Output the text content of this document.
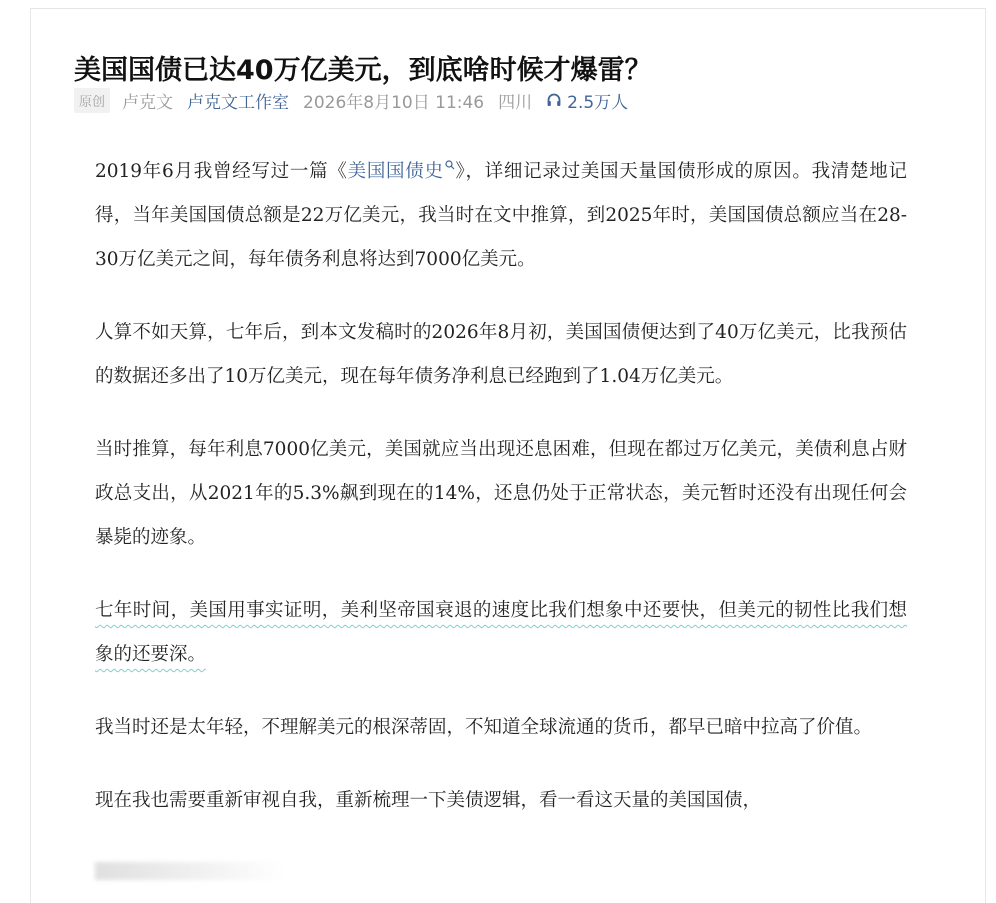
美国国债已达40万亿美元，到底啥时候才爆雷？
原创 卢克文 卢克文工作室 2026年8月10日 11:46 四川 2.5万人

2019年6月我曾经写过一篇《美国国债史 》，详细记录过美国天量国债形成的原因。我清楚地记得，当年美国国债总额是22万亿美元，我当时在文中推算，到2025年时，美国国债总额应当在28-30万亿美元之间，每年债务利息将达到7000亿美元。

人算不如天算，七年后，到本文发稿时的2026年8月初，美国国债便达到了40万亿美元，比我预估的数据还多出了10万亿美元，现在每年债务净利息已经跑到了1.04万亿美元。

当时推算，每年利息7000亿美元，美国就应当出现还息困难，但现在都过万亿美元，美债利息占财政总支出，从2021年的5.3%飙到现在的14%，还息仍处于正常状态，美元暂时还没有出现任何会暴毙的迹象。

七年时间，美国用事实证明，美利坚帝国衰退的速度比我们想象中还要快，但美元的韧性比我们想象的还要深。

我当时还是太年轻，不理解美元的根深蒂固，不知道全球流通的货币，都早已暗中拉高了价值。

现在我也需要重新审视自我，重新梳理一下美债逻辑，看一看这天量的美国国债，
